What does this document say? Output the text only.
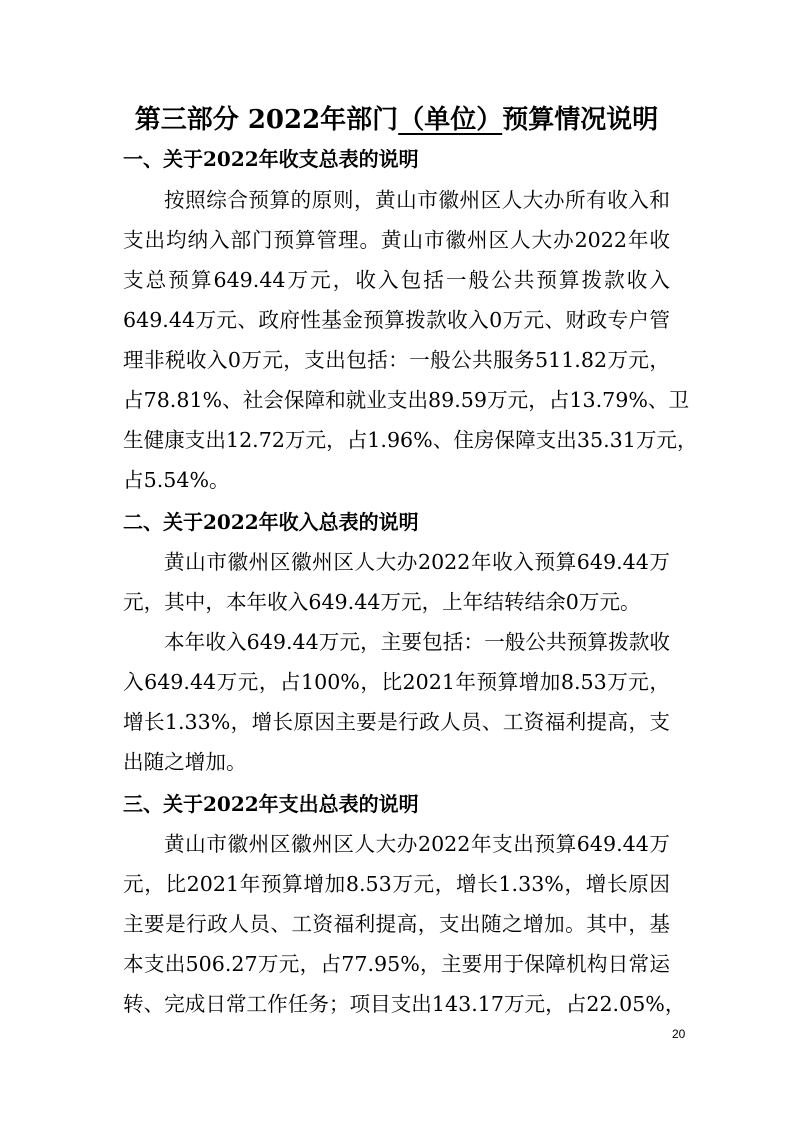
第三部分 2022年部门（单位）预算情况说明
一、关于2022年收支总表的说明
按照综合预算的原则，黄山市徽州区人大办所有收入和
支出均纳入部门预算管理。黄山市徽州区人大办2022年收
支总预算649.44万元，收入包括一般公共预算拨款收入
649.44万元、政府性基金预算拨款收入0万元、财政专户管
理非税收入0万元，支出包括：一般公共服务511.82万元，
占78.81%、社会保障和就业支出89.59万元，占13.79%、卫
生健康支出12.72万元，占1.96%、住房保障支出35.31万元，
占5.54%。
二、关于2022年收入总表的说明
黄山市徽州区徽州区人大办2022年收入预算649.44万
元，其中，本年收入649.44万元，上年结转结余0万元。
本年收入649.44万元，主要包括：一般公共预算拨款收
入649.44万元，占100%，比2021年预算增加8.53万元，
增长1.33%，增长原因主要是行政人员、工资福利提高，支
出随之增加。
三、关于2022年支出总表的说明
黄山市徽州区徽州区人大办2022年支出预算649.44万
元，比2021年预算增加8.53万元，增长1.33%，增长原因
主要是行政人员、工资福利提高，支出随之增加。其中，基
本支出506.27万元，占77.95%，主要用于保障机构日常运
转、完成日常工作任务；项目支出143.17万元，占22.05%，
20
